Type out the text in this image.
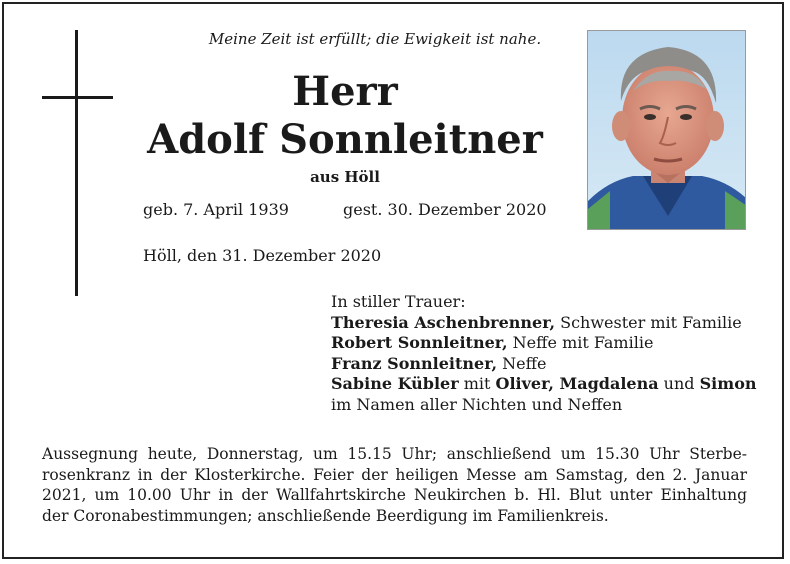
Meine Zeit ist erfüllt; die Ewigkeit ist nahe.
Herr
Adolf Sonnleitner
aus Höll
geb. 7. April 1939	gest. 30. Dezember 2020
Höll, den 31. Dezember 2020
In stiller Trauer:
Theresia Aschenbrenner, Schwester mit Familie
Robert Sonnleitner, Neffe mit Familie
Franz Sonnleitner, Neffe
Sabine Kübler mit Oliver, Magdalena und Simon
im Namen aller Nichten und Neffen
Aussegnung heute, Donnerstag, um 15.15 Uhr; anschließend um 15.30 Uhr Sterbe-
rosenkranz in der Klosterkirche. Feier der heiligen Messe am Samstag, den 2. Januar
2021, um 10.00 Uhr in der Wallfahrtskirche Neukirchen b. Hl. Blut unter Einhaltung
der Coronabestimmungen; anschließende Beerdigung im Familienkreis.
